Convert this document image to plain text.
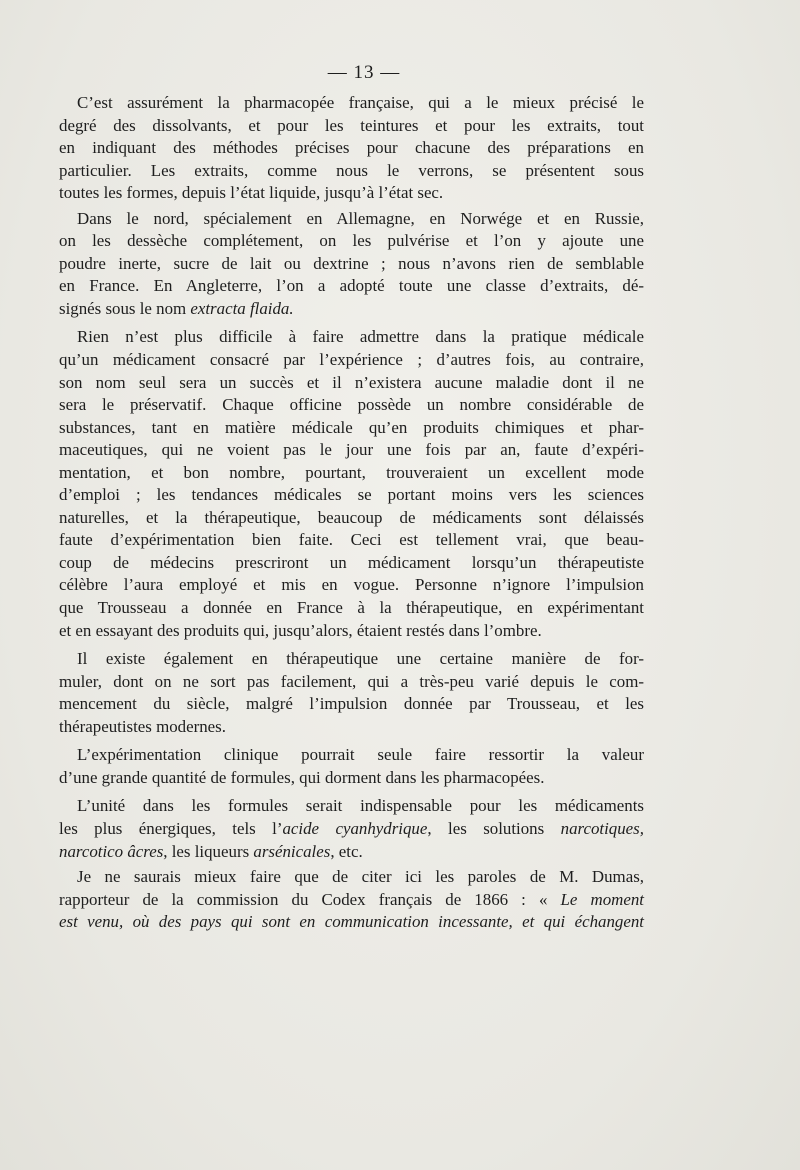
— 13 —

C’est assurément la pharmacopée française, qui a le mieux précisé le
degré des dissolvants, et pour les teintures et pour les extraits, tout
en indiquant des méthodes précises pour chacune des préparations en
particulier. Les extraits, comme nous le verrons, se présentent sous
toutes les formes, depuis l’état liquide, jusqu’à l’état sec.

Dans le nord, spécialement en Allemagne, en Norwége et en Russie,
on les dessèche complétement, on les pulvérise et l’on y ajoute une
poudre inerte, sucre de lait ou dextrine ; nous n’avons rien de semblable
en France. En Angleterre, l’on a adopté toute une classe d’extraits, dé-
signés sous le nom extracta flaida.

Rien n’est plus difficile à faire admettre dans la pratique médicale
qu’un médicament consacré par l’expérience ; d’autres fois, au contraire,
son nom seul sera un succès et il n’existera aucune maladie dont il ne
sera le préservatif. Chaque officine possède un nombre considérable de
substances, tant en matière médicale qu’en produits chimiques et phar-
maceutiques, qui ne voient pas le jour une fois par an, faute d’expéri-
mentation, et bon nombre, pourtant, trouveraient un excellent mode
d’emploi ; les tendances médicales se portant moins vers les sciences
naturelles, et la thérapeutique, beaucoup de médicaments sont délaissés
faute d’expérimentation bien faite. Ceci est tellement vrai, que beau-
coup de médecins prescriront un médicament lorsqu’un thérapeutiste
célèbre l’aura employé et mis en vogue. Personne n’ignore l’impulsion
que Trousseau a donnée en France à la thérapeutique, en expérimentant
et en essayant des produits qui, jusqu’alors, étaient restés dans l’ombre.

Il existe également en thérapeutique une certaine manière de for-
muler, dont on ne sort pas facilement, qui a très-peu varié depuis le com-
mencement du siècle, malgré l’impulsion donnée par Trousseau, et les
thérapeutistes modernes.

L’expérimentation clinique pourrait seule faire ressortir la valeur
d’une grande quantité de formules, qui dorment dans les pharmacopées.

L’unité dans les formules serait indispensable pour les médicaments
les plus énergiques, tels l’acide cyanhydrique, les solutions narcotiques,
narcotico âcres, les liqueurs arsénicales, etc.

Je ne saurais mieux faire que de citer ici les paroles de M. Dumas,
rapporteur de la commission du Codex français de 1866 : « Le moment
est venu, où des pays qui sont en communication incessante, et qui échangent
